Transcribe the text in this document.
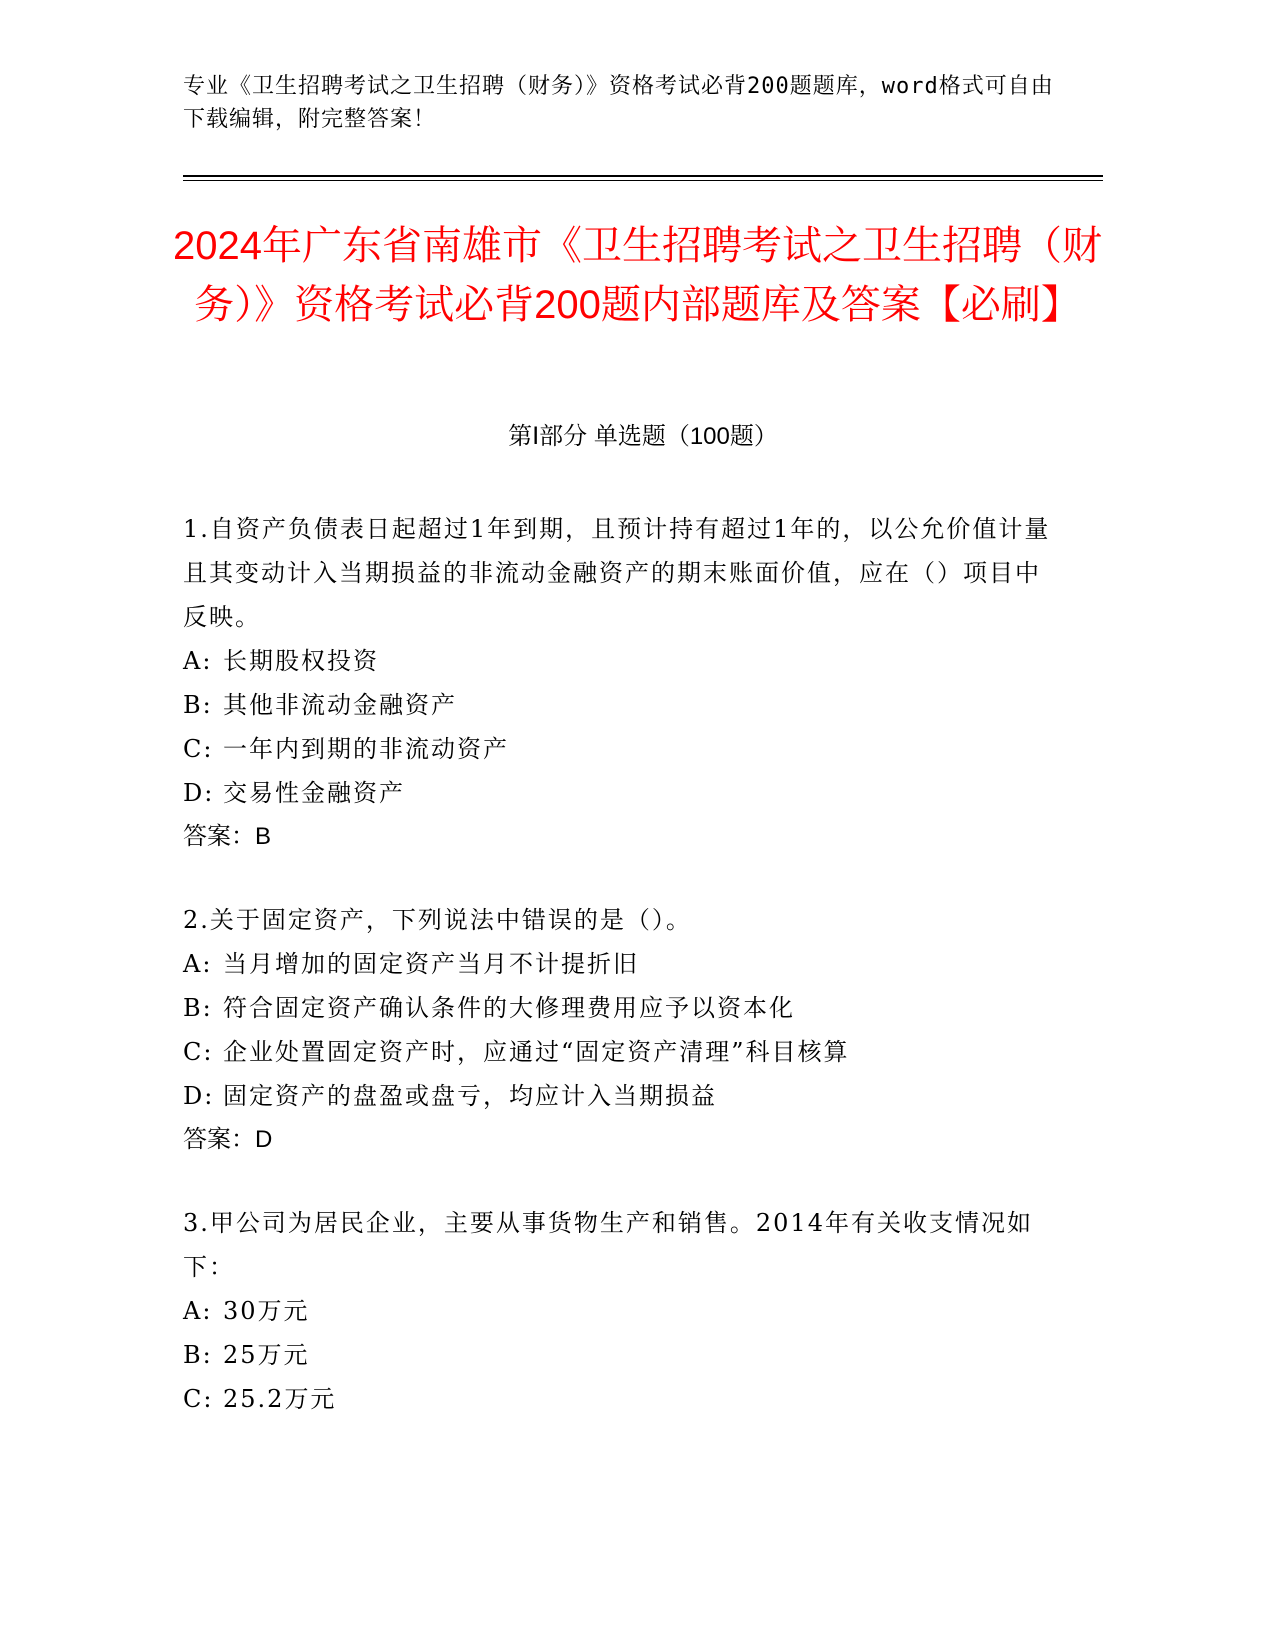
专业《卫生招聘考试之卫生招聘（财务）》资格考试必背200题题库，word格式可自由下载编辑，附完整答案！
2024年广东省南雄市《卫生招聘考试之卫生招聘（财务）》资格考试必背200题内部题库及答案【必刷】
第Ⅰ部分 单选题（100题）
1.自资产负债表日起超过1年到期，且预计持有超过1年的，以公允价值计量且其变动计入当期损益的非流动金融资产的期末账面价值，应在（）项目中反映。
A: 长期股权投资
B: 其他非流动金融资产
C: 一年内到期的非流动资产
D: 交易性金融资产
答案：B
2.关于固定资产，下列说法中错误的是（）。
A: 当月增加的固定资产当月不计提折旧
B: 符合固定资产确认条件的大修理费用应予以资本化
C: 企业处置固定资产时，应通过“固定资产清理”科目核算
D: 固定资产的盘盈或盘亏，均应计入当期损益
答案：D
3.甲公司为居民企业，主要从事货物生产和销售。2014年有关收支情况如下：
A: 30万元
B: 25万元
C: 25.2万元
